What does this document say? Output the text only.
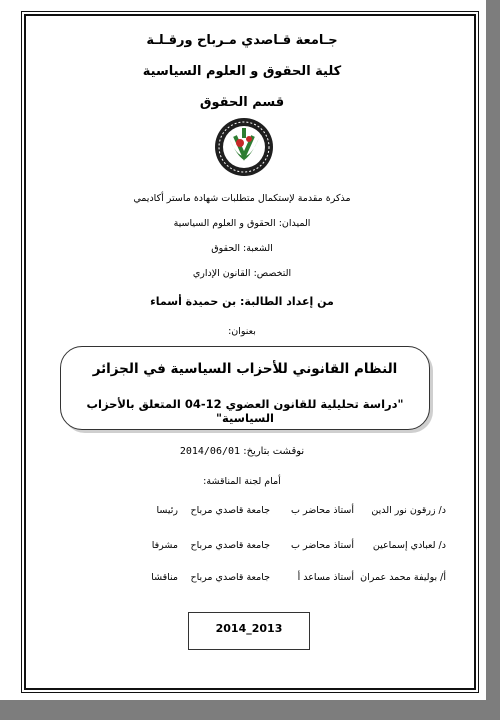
جـامعة قـاصدي مـرباح ورقـلـة
كلية الحقوق و العلوم السياسية
قسم الحقوق
مذكرة مقدمة لإستكمال متطلبات شهادة ماستر أكاديمي
الميدان: الحقوق و العلوم السياسية
الشعبة: الحقوق
التخصص: القانون الإداري
من إعداد الطالبة: بن حميدة أسماء
بعنوان:
النظام القانوني للأحزاب السياسية في الجزائر
"دراسة تحليلية للقانون العضوي 12-04 المتعلق بالأحزاب السياسية"
2014/06/01 نوقشت بتاريخ:
أمام لجنة المناقشة:
د/ زرقون نور الدين
أستاذ محاضر ب
جامعة قاصدي مرباح
رئيسا
د/ لعبادي إسماعين
أستاذ محاضر ب
جامعة قاصدي مرباح
مشرفا
أ/ بوليفة محمد عمران
أستاذ مساعد أ
جامعة قاصدي مرباح
مناقشا
2014_2013
